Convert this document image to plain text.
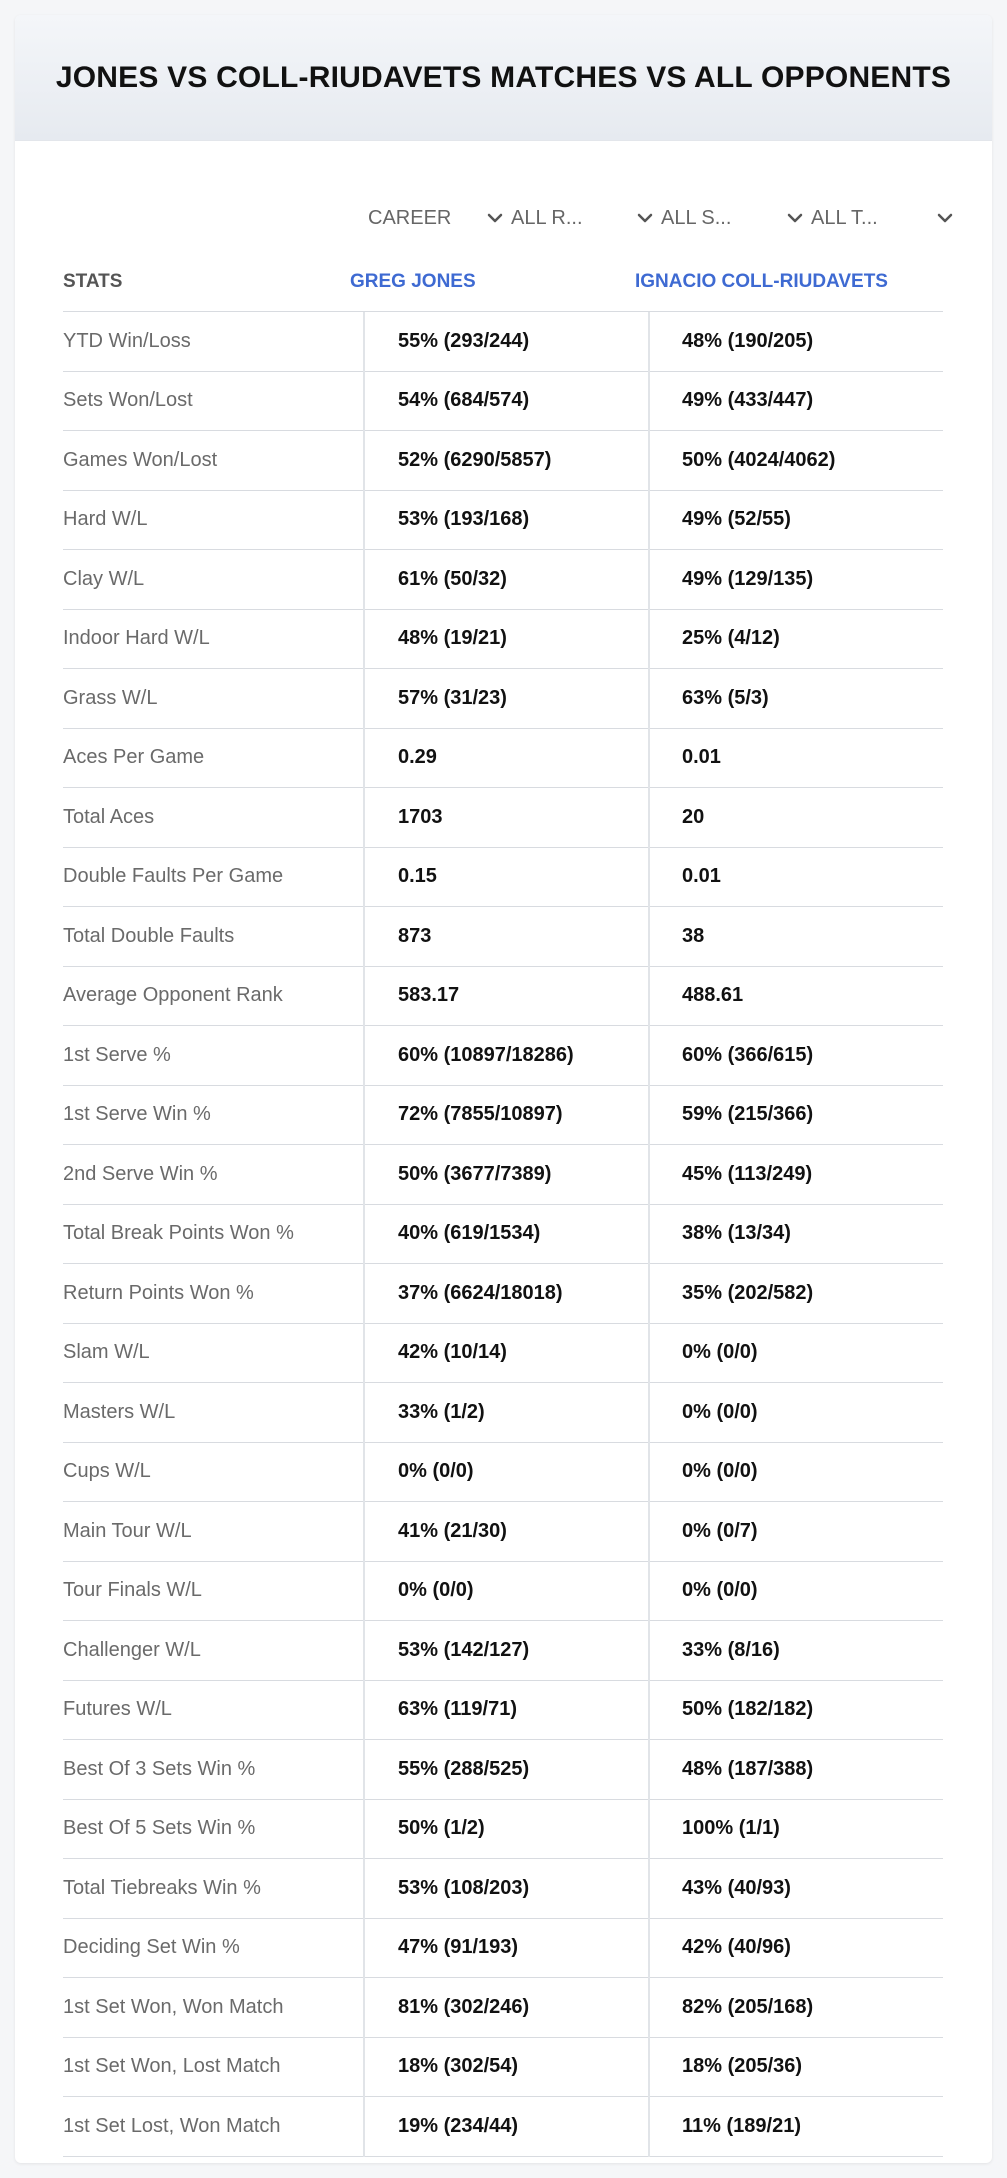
JONES VS COLL-RIUDAVETS MATCHES VS ALL OPPONENTS
CAREER	ALL R...	ALL S...	ALL T...
STATS	GREG JONES	IGNACIO COLL-RIUDAVETS
YTD Win/Loss	55% (293/244)	48% (190/205)
Sets Won/Lost	54% (684/574)	49% (433/447)
Games Won/Lost	52% (6290/5857)	50% (4024/4062)
Hard W/L	53% (193/168)	49% (52/55)
Clay W/L	61% (50/32)	49% (129/135)
Indoor Hard W/L	48% (19/21)	25% (4/12)
Grass W/L	57% (31/23)	63% (5/3)
Aces Per Game	0.29	0.01
Total Aces	1703	20
Double Faults Per Game	0.15	0.01
Total Double Faults	873	38
Average Opponent Rank	583.17	488.61
1st Serve %	60% (10897/18286)	60% (366/615)
1st Serve Win %	72% (7855/10897)	59% (215/366)
2nd Serve Win %	50% (3677/7389)	45% (113/249)
Total Break Points Won %	40% (619/1534)	38% (13/34)
Return Points Won %	37% (6624/18018)	35% (202/582)
Slam W/L	42% (10/14)	0% (0/0)
Masters W/L	33% (1/2)	0% (0/0)
Cups W/L	0% (0/0)	0% (0/0)
Main Tour W/L	41% (21/30)	0% (0/7)
Tour Finals W/L	0% (0/0)	0% (0/0)
Challenger W/L	53% (142/127)	33% (8/16)
Futures W/L	63% (119/71)	50% (182/182)
Best Of 3 Sets Win %	55% (288/525)	48% (187/388)
Best Of 5 Sets Win %	50% (1/2)	100% (1/1)
Total Tiebreaks Win %	53% (108/203)	43% (40/93)
Deciding Set Win %	47% (91/193)	42% (40/96)
1st Set Won, Won Match	81% (302/246)	82% (205/168)
1st Set Won, Lost Match	18% (302/54)	18% (205/36)
1st Set Lost, Won Match	19% (234/44)	11% (189/21)
